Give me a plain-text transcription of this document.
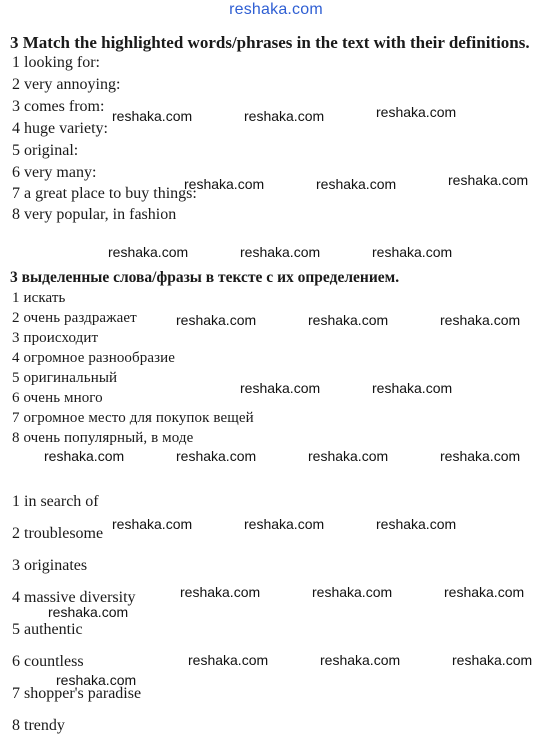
reshaka.com
3 Match the highlighted words/phrases in the text with their definitions.
1 looking for:
2 very annoying:
3 comes from:
4 huge variety:
5 original:
6 very many:
7 a great place to buy things:
8 very popular, in fashion
3 выделенные слова/фразы в тексте с их определением.
1 искать
2 очень раздражает
3 происходит
4 огромное разнообразие
5 оригинальный
6 очень много
7 огромное место для покупок вещей
8 очень популярный, в моде
1 in search of
2 troublesome
3 originates
4 massive diversity
5 authentic
6 countless
7 shopper's paradise
8 trendy
reshaka.com	reshaka.com	reshaka.com
reshaka.com	reshaka.com	reshaka.com
reshaka.com	reshaka.com	reshaka.com
reshaka.com	reshaka.com	reshaka.com
reshaka.com	reshaka.com
reshaka.com	reshaka.com	reshaka.com	reshaka.com
reshaka.com	reshaka.com	reshaka.com
reshaka.com	reshaka.com	reshaka.com
reshaka.com
reshaka.com	reshaka.com	reshaka.com
reshaka.com
